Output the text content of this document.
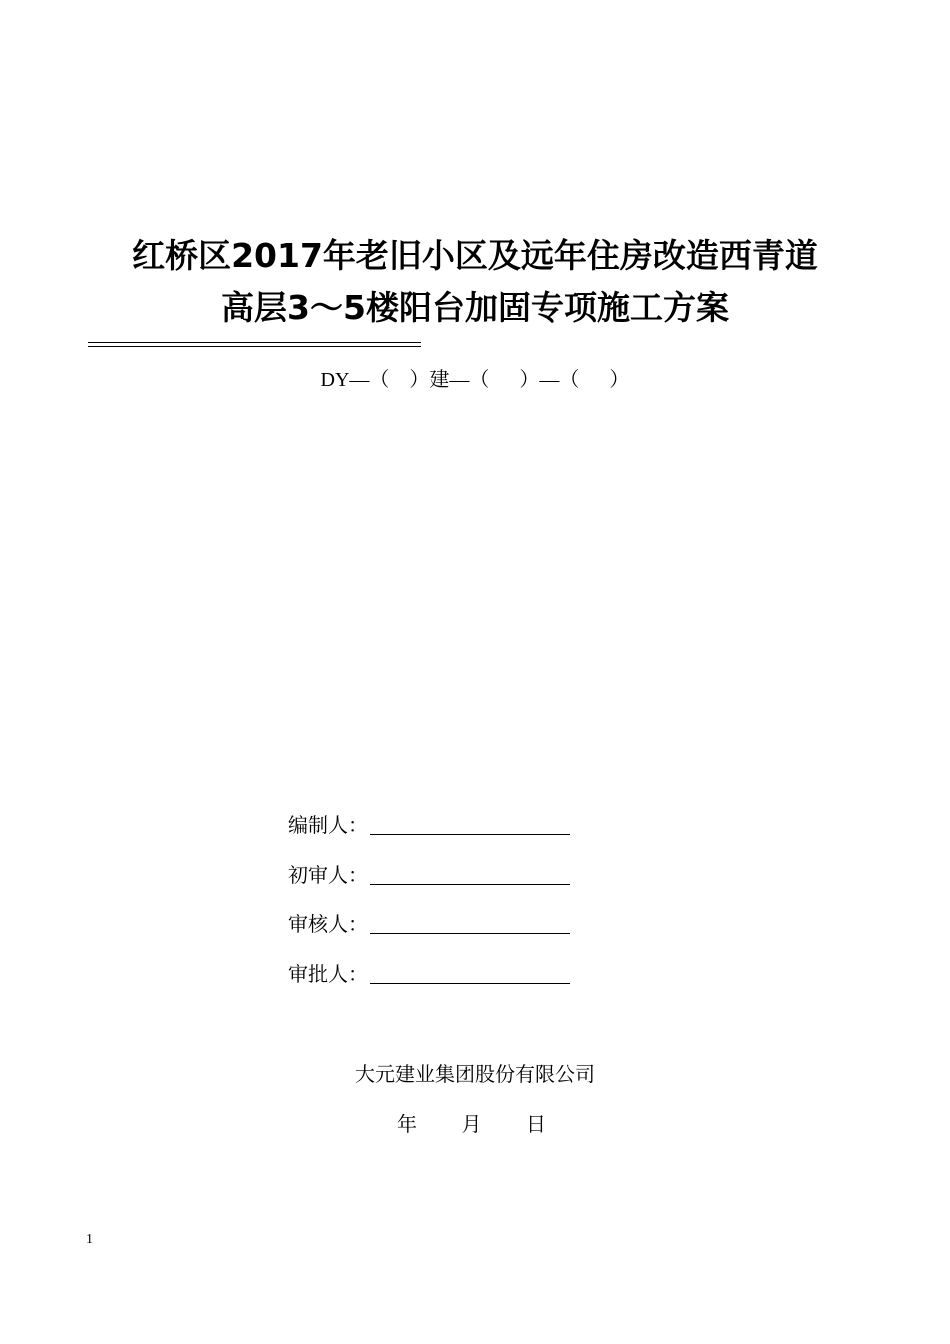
红桥区2017年老旧小区及远年住房改造西青道
高层3～5楼阳台加固专项施工方案
DY—（    ）建—（      ）—（      ）
编制人：
初审人：
审核人：
审批人：
大元建业集团股份有限公司
年       月       日
1
